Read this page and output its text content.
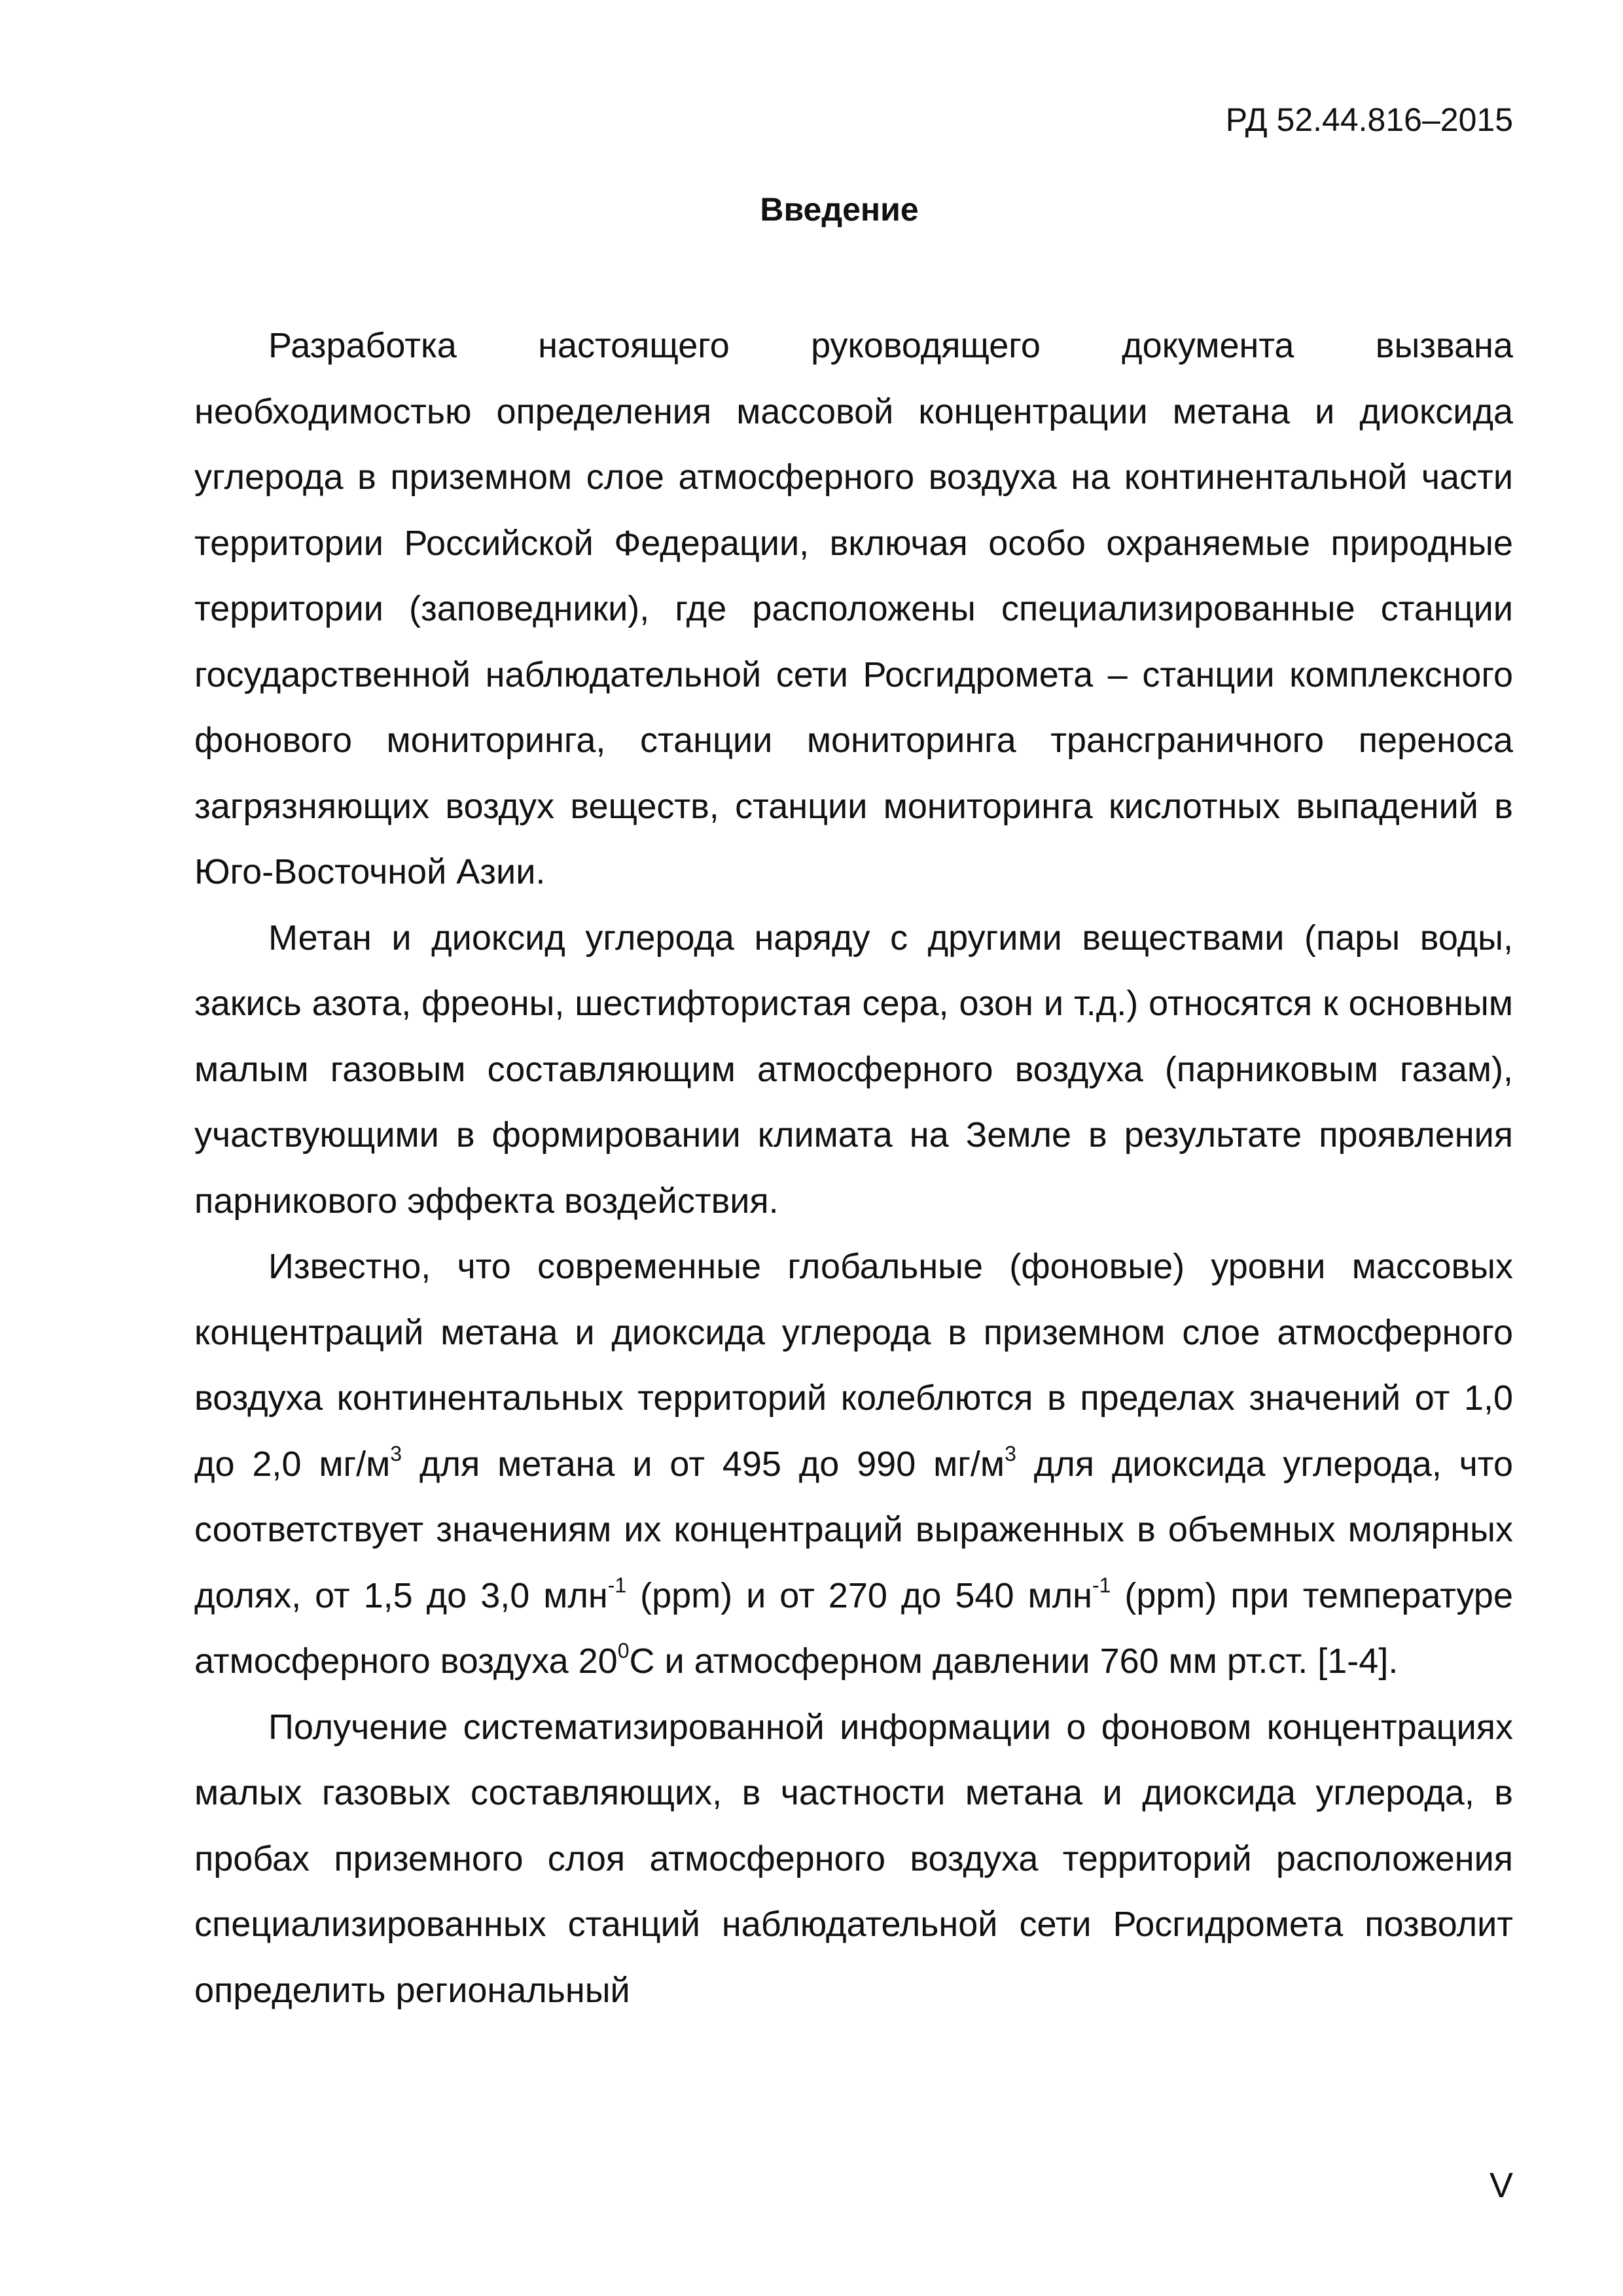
РД 52.44.816–2015
Введение

Разработка настоящего руководящего документа вызвана необходимостью определения массовой концентрации метана и диоксида углерода в приземном слое атмосферного воздуха на континентальной части территории Российской Федерации, включая особо охраняемые природные территории (заповедники), где расположены специализированные станции государственной наблюдательной сети Росгидромета – станции комплексного фонового мониторинга, станции мониторинга трансграничного переноса загрязняющих воздух веществ, станции мониторинга кислотных выпадений в Юго-Восточной Азии.

Метан и диоксид углерода наряду с другими веществами (пары воды, закись азота, фреоны, шестифтористая сера, озон и т.д.) относятся к основным малым газовым составляющим атмосферного воздуха (парниковым газам), участвующими в формировании климата на Земле в результате проявления парникового эффекта воздействия.

Известно, что современные глобальные (фоновые) уровни массовых концентраций метана и диоксида углерода в приземном слое атмосферного воздуха континентальных территорий колеблются в пределах значений от 1,0 до 2,0 $мг/м^3$ для метана и от 495 до 990 $мг/м^3$ для диоксида углерода, что соответствует значениям их концентраций выраженных в объемных молярных долях, от 1,5 до 3,0 млн$^{-1}$ (ppm) и от 270 до 540 млн$^{-1}$ (ppm) при температуре атмосферного воздуха $20^0С$ и атмосферном давлении 760 мм рт.ст. [1-4].

Получение систематизированной информации о фоновом концентрациях малых газовых составляющих, в частности метана и диоксида углерода, в пробах приземного слоя атмосферного воздуха территорий расположения специализированных станций наблюдательной сети Росгидромета позволит определить региональный

V
